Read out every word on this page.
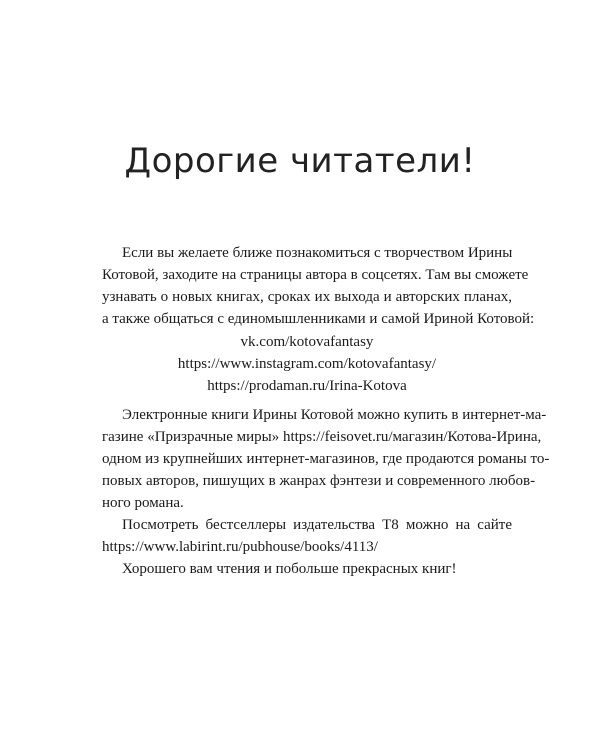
Дорогие читатели!
Если вы желаете ближе познакомиться с творчеством Ирины
Котовой, заходите на страницы автора в соцсетях. Там вы сможете
узнавать о новых книгах, сроках их выхода и авторских планах,
а также общаться с единомышленниками и самой Ириной Котовой:
vk.com/kotovafantasy
https://www.instagram.com/kotovafantasy/
https://prodaman.ru/Irina-Kotova
Электронные книги Ирины Котовой можно купить в интернет-ма-
газине «Призрачные миры» https://feisovet.ru/магазин/Котова-Ирина,
одном из крупнейших интернет-магазинов, где продаются романы то-
повых авторов, пишущих в жанрах фэнтези и современного любов-
ного романа.
Посмотреть бестселлеры издательства Т8 можно на сайте
https://www.labirint.ru/pubhouse/books/4113/
Хорошего вам чтения и побольше прекрасных книг!
